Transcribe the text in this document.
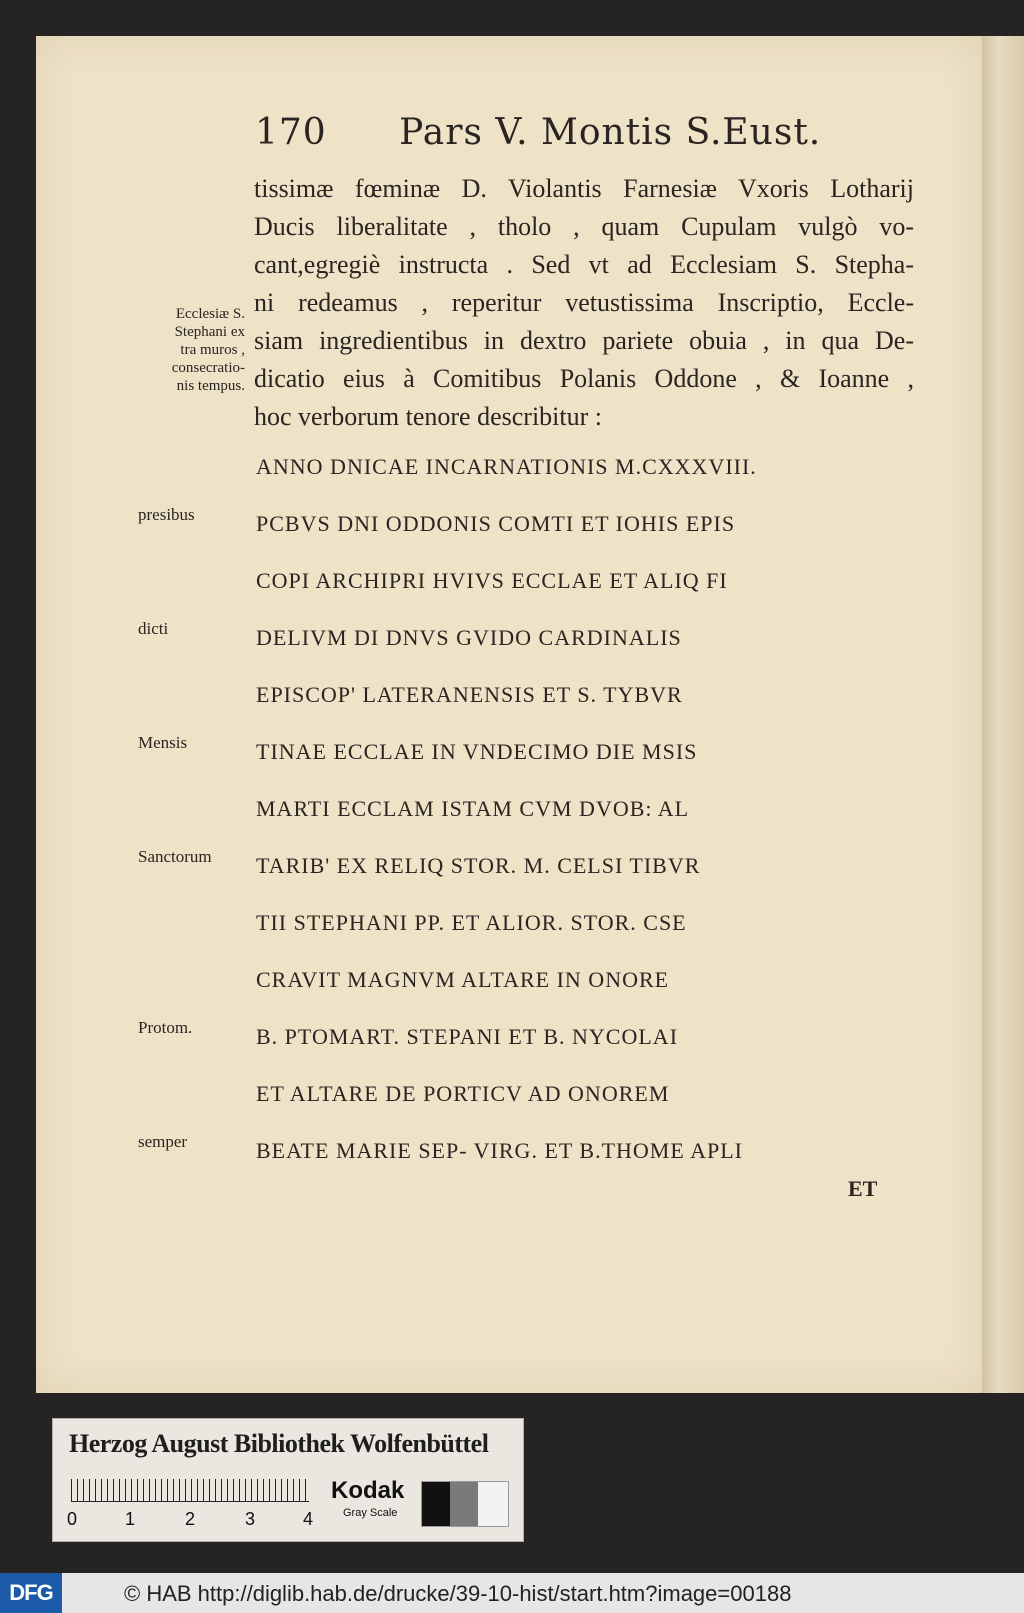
170 Pars V. Montis S.Eust.
tissimæ fœminæ D. Violantis Farnesiæ Vxoris Lotharij
Ducis liberalitate , tholo , quam Cupulam vulgò vo-
cant,egregiè instructa . Sed vt ad Ecclesiam S. Stepha-
ni redeamus , reperitur vetustissima Inscriptio, Eccle-
siam ingredientibus in dextro pariete obuia , in qua De-
dicatio eius à Comitibus Polanis Oddone , & Ioanne ,
hoc verborum tenore describitur :
Ecclesiæ S.
Stephani ex
tra muros ,
consecratio-
nis tempus.
ANNO DNICAE INCARNATIONIS M.CXXXVIII.
PCBVS DNI ODDONIS COMTI ET IOHIS EPIS
COPI ARCHIPRI HVIVS ECCLAE ET ALIQ FI
DELIVM DI DNVS GVIDO CARDINALIS
EPISCOP' LATERANENSIS ET S. TYBVR
TINAE ECCLAE IN VNDECIMO DIE MSIS
MARTI ECCLAM ISTAM CVM DVOB: AL
TARIB' EX RELIQ STOR. M. CELSI TIBVR
TII STEPHANI PP. ET ALIOR. STOR. CSE
CRAVIT MAGNVM ALTARE IN ONORE
B. PTOMART. STEPANI ET B. NYCOLAI
ET ALTARE DE PORTICV AD ONOREM
BEATE MARIE SEP- VIRG. ET B.THOME APLI
presibus
dicti
Mensis
Sanctorum
Protom.
semper
ET
Herzog August Bibliothek Wolfenbüttel
0	1	2	3	4
Kodak
Gray Scale
DFG	© HAB http://diglib.hab.de/drucke/39-10-hist/start.htm?image=00188
